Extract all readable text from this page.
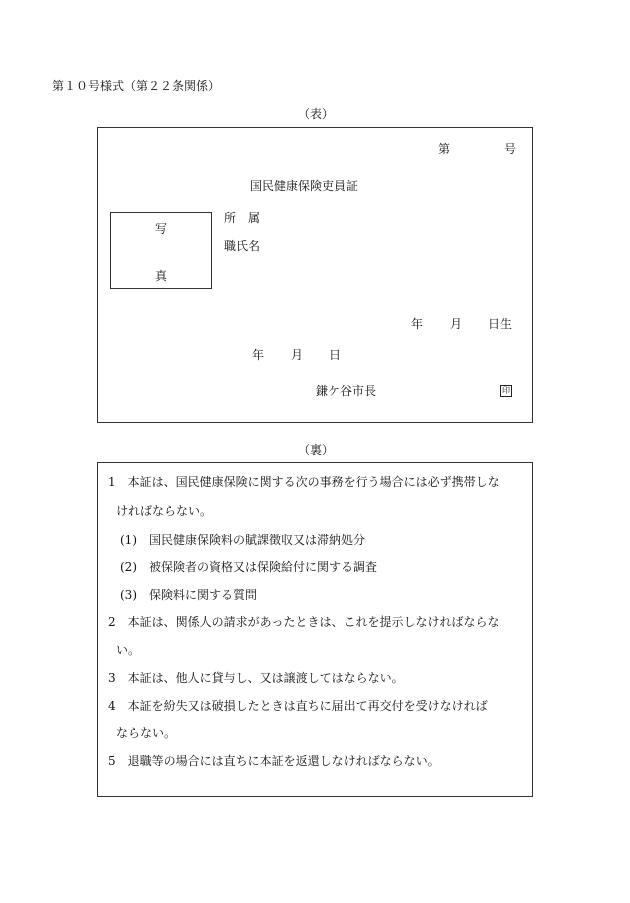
第１０号様式（第２２条関係）
（表）
第	号
国民健康保険吏員証
写
真
所　属
職氏名
年 月 日生
年 月 日
鎌ケ谷市長	印
（裏）
1　本証は、国民健康保険に関する次の事務を行う場合には必ず携帯しな
ければならない。
(1)　国民健康保険料の賦課徴収又は滞納処分
(2)　被保険者の資格又は保険給付に関する調査
(3)　保険料に関する質問
2　本証は、関係人の請求があったときは、これを提示しなければならな
い。
3　本証は、他人に貸与し、又は譲渡してはならない。
4　本証を紛失又は破損したときは直ちに届出て再交付を受けなければ
ならない。
5　退職等の場合には直ちに本証を返還しなければならない。
